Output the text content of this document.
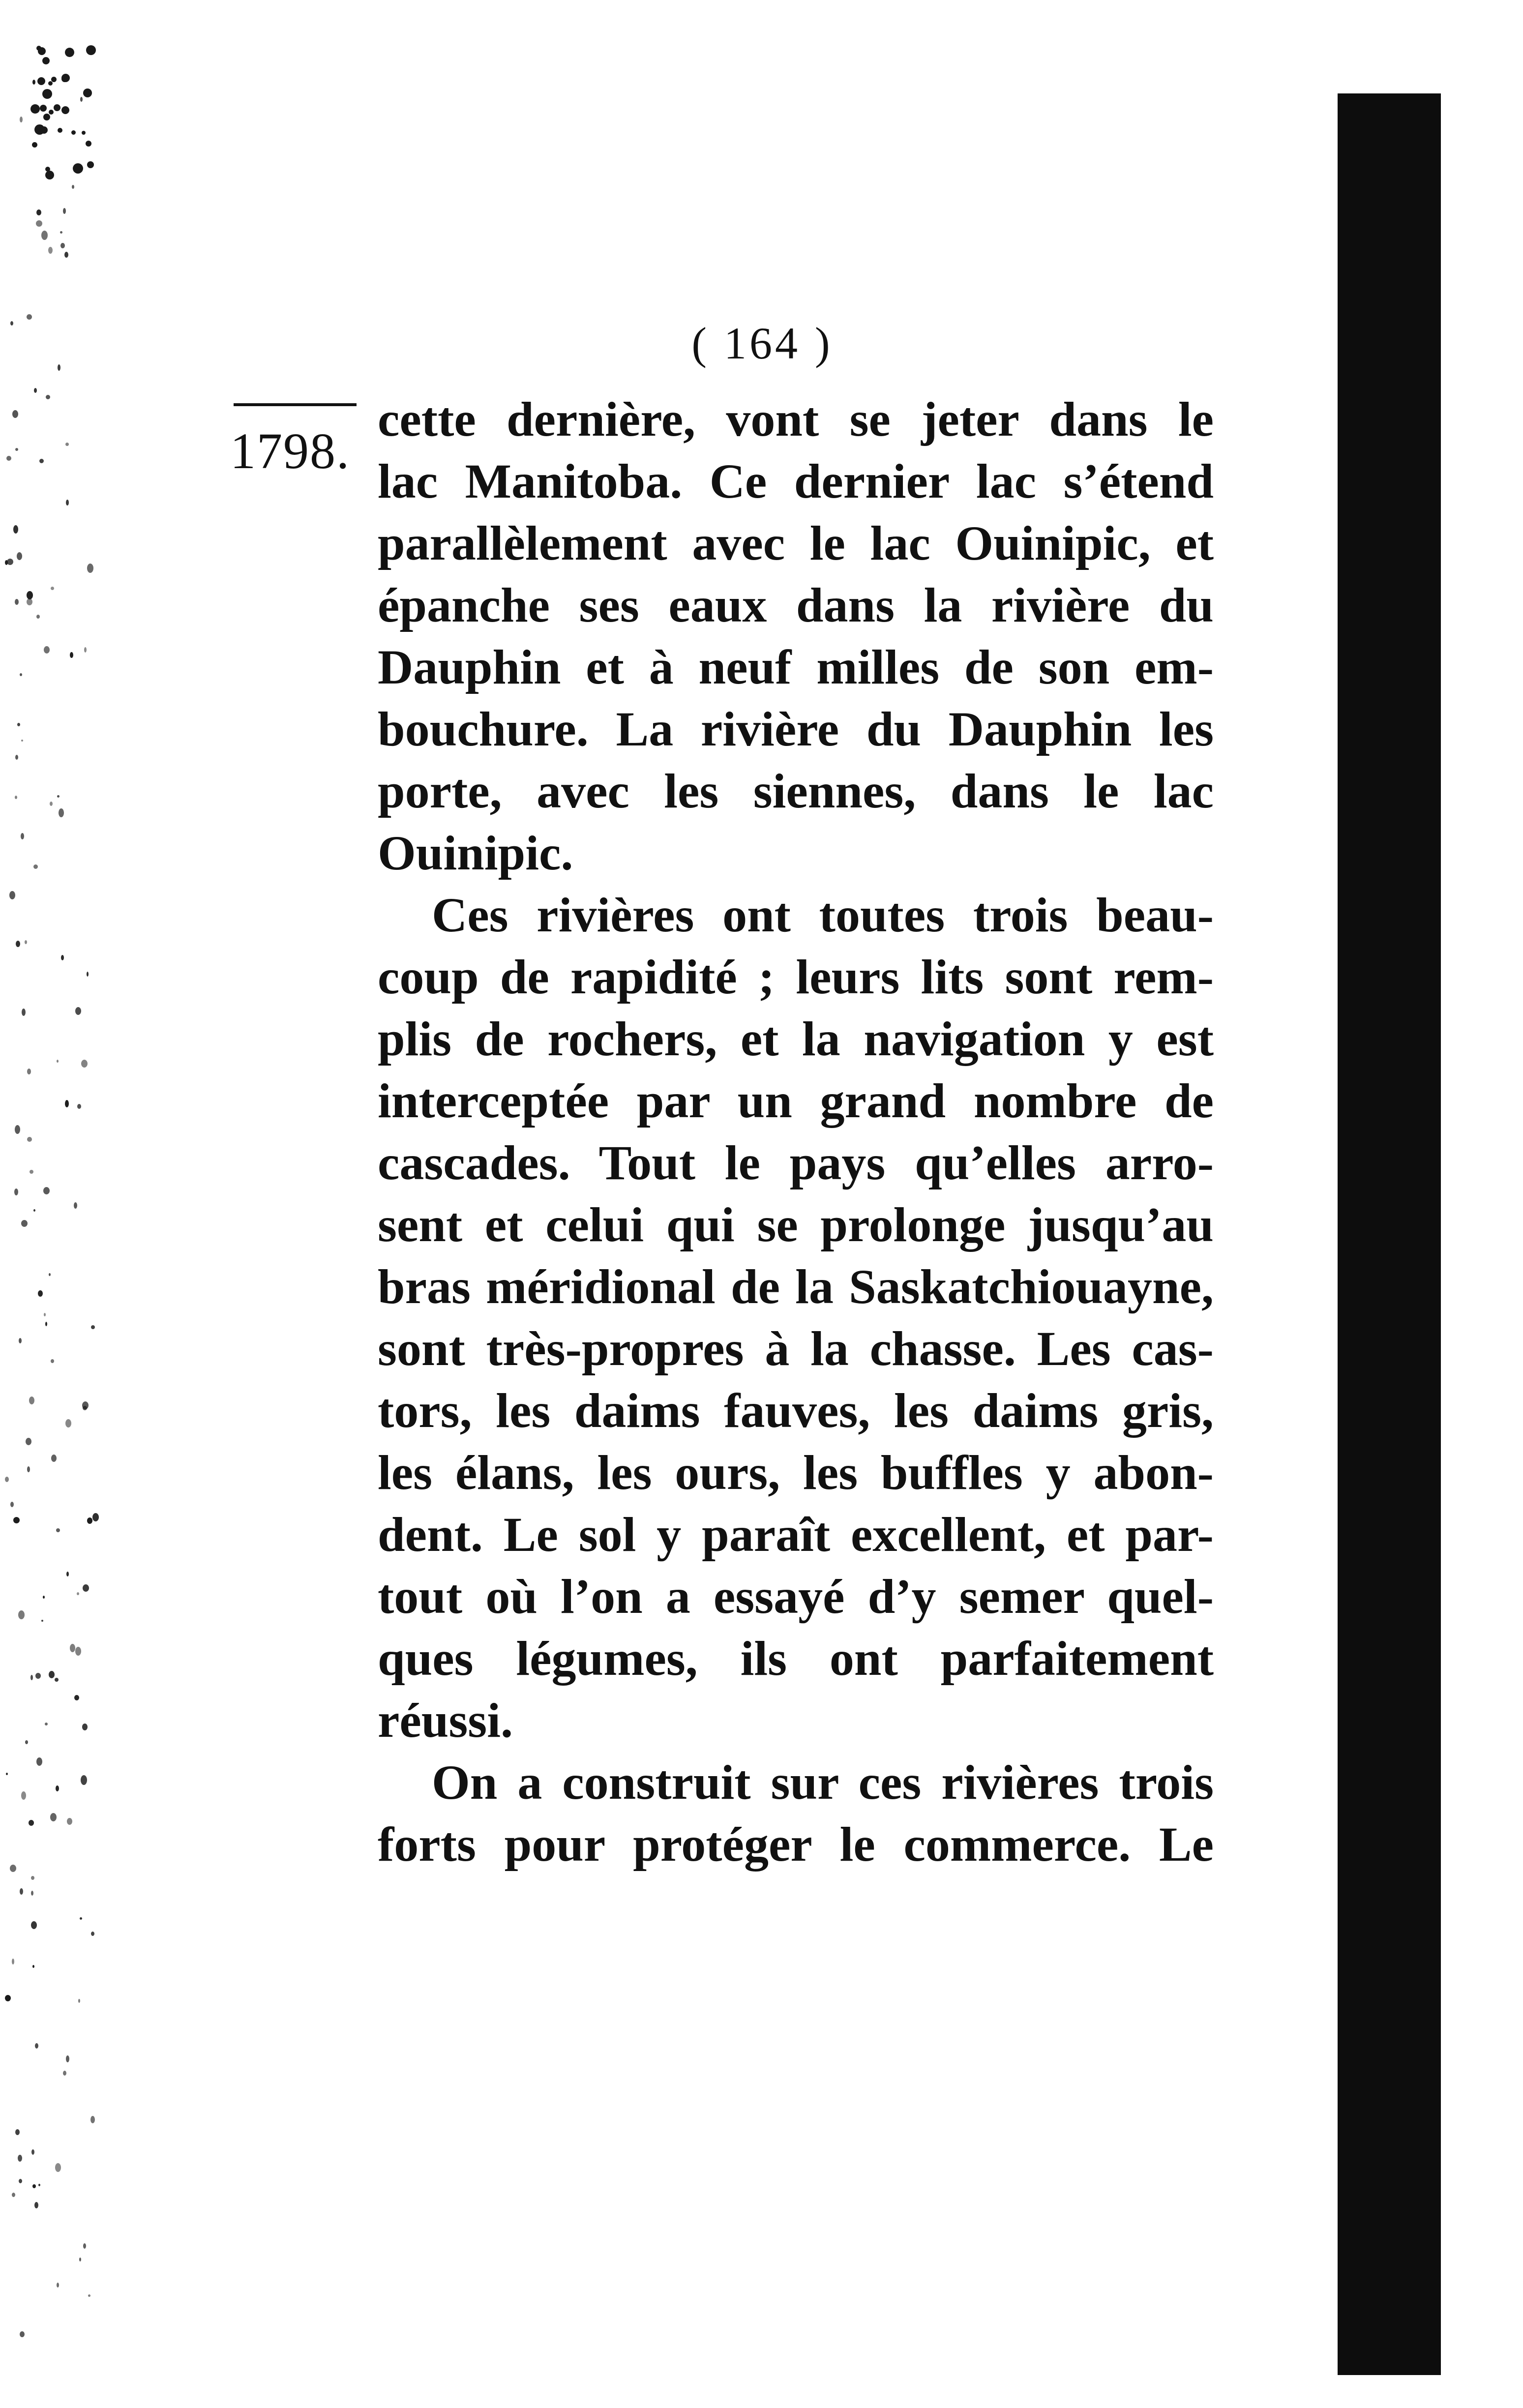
( 164 )
1798.
cette dernière, vont se jeter dans le
lac Manitoba. Ce dernier lac s’étend
parallèlement avec le lac Ouinipic, et
épanche ses eaux dans la rivière du
Dauphin et à neuf milles de son em-
bouchure. La rivière du Dauphin les
porte, avec les siennes, dans le lac
Ouinipic.
Ces rivières ont toutes trois beau-
coup de rapidité ; leurs lits sont rem-
plis de rochers, et la navigation y est
interceptée par un grand nombre de
cascades. Tout le pays qu’elles arro-
sent et celui qui se prolonge jusqu’au
bras méridional de la Saskatchiouayne,
sont très-propres à la chasse. Les cas-
tors, les daims fauves, les daims gris,
les élans, les ours, les buffles y abon-
dent. Le sol y paraît excellent, et par-
tout où l’on a essayé d’y semer quel-
ques légumes, ils ont parfaitement
réussi.
On a construit sur ces rivières trois
forts pour protéger le commerce. Le
